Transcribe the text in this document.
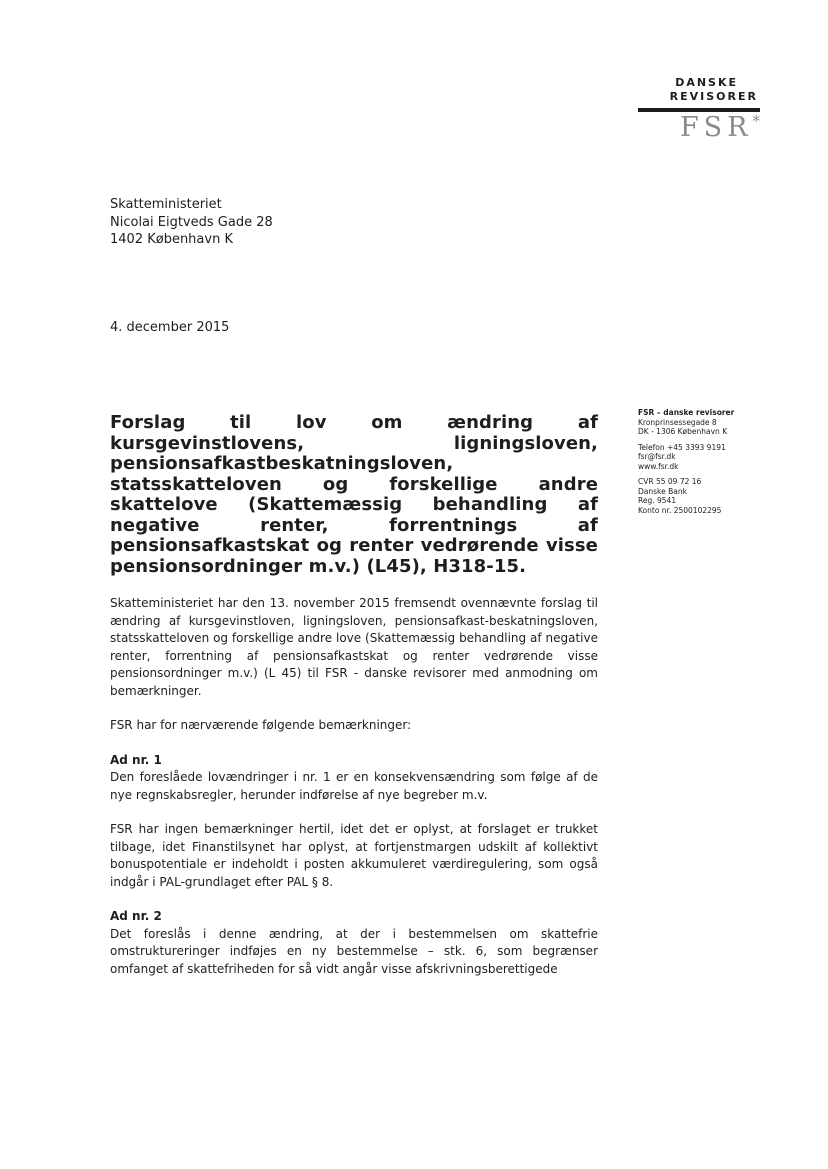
DANSKE
REVISORER
FSR*
Skatteministeriet
Nicolai Eigtveds Gade 28
1402 København K
4. december 2015
Forslag til lov om ændring af kursgevinstlovens, ligningsloven, pensionsafkastbeskatningsloven, statsskatteloven og forskellige andre skattelove (Skattemæssig behandling af negative renter, forrentnings af pensionsafkastskat og renter vedrørende visse pensionsordninger m.v.) (L45), H318-15.
FSR – danske revisorer
Kronprinsessegade 8
DK - 1306 København K
Telefon +45 3393 9191
fsr@fsr.dk
www.fsr.dk
CVR 55 09 72 16
Danske Bank
Reg. 9541
Konto nr. 2500102295

Skatteministeriet har den 13. november 2015 fremsendt ovennævnte forslag til ændring af kursgevinstloven, ligningsloven, pensionsafkast-beskatningsloven, statsskatteloven og forskellige andre love (Skattemæssig behandling af negative renter, forrentning af pensionsafkastskat og renter vedrørende visse pensionsordninger m.v.) (L 45) til FSR - danske revisorer med anmodning om bemærkninger.

FSR har for nærværende følgende bemærkninger:

Ad nr. 1

Den foreslåede lovændringer i nr. 1 er en konsekvensændring som følge af de nye regnskabsregler, herunder indførelse af nye begreber m.v.

FSR har ingen bemærkninger hertil, idet det er oplyst, at forslaget er trukket tilbage, idet Finanstilsynet har oplyst, at fortjenstmargen udskilt af kollektivt bonuspotentiale er indeholdt i posten akkumuleret værdiregulering, som også indgår i PAL-grundlaget efter PAL § 8.

Ad nr. 2

Det foreslås i denne ændring, at der i bestemmelsen om skattefrie omstruktureringer indføjes en ny bestemmelse – stk. 6, som begrænser omfanget af skattefriheden for så vidt angår visse afskrivningsberettigede
